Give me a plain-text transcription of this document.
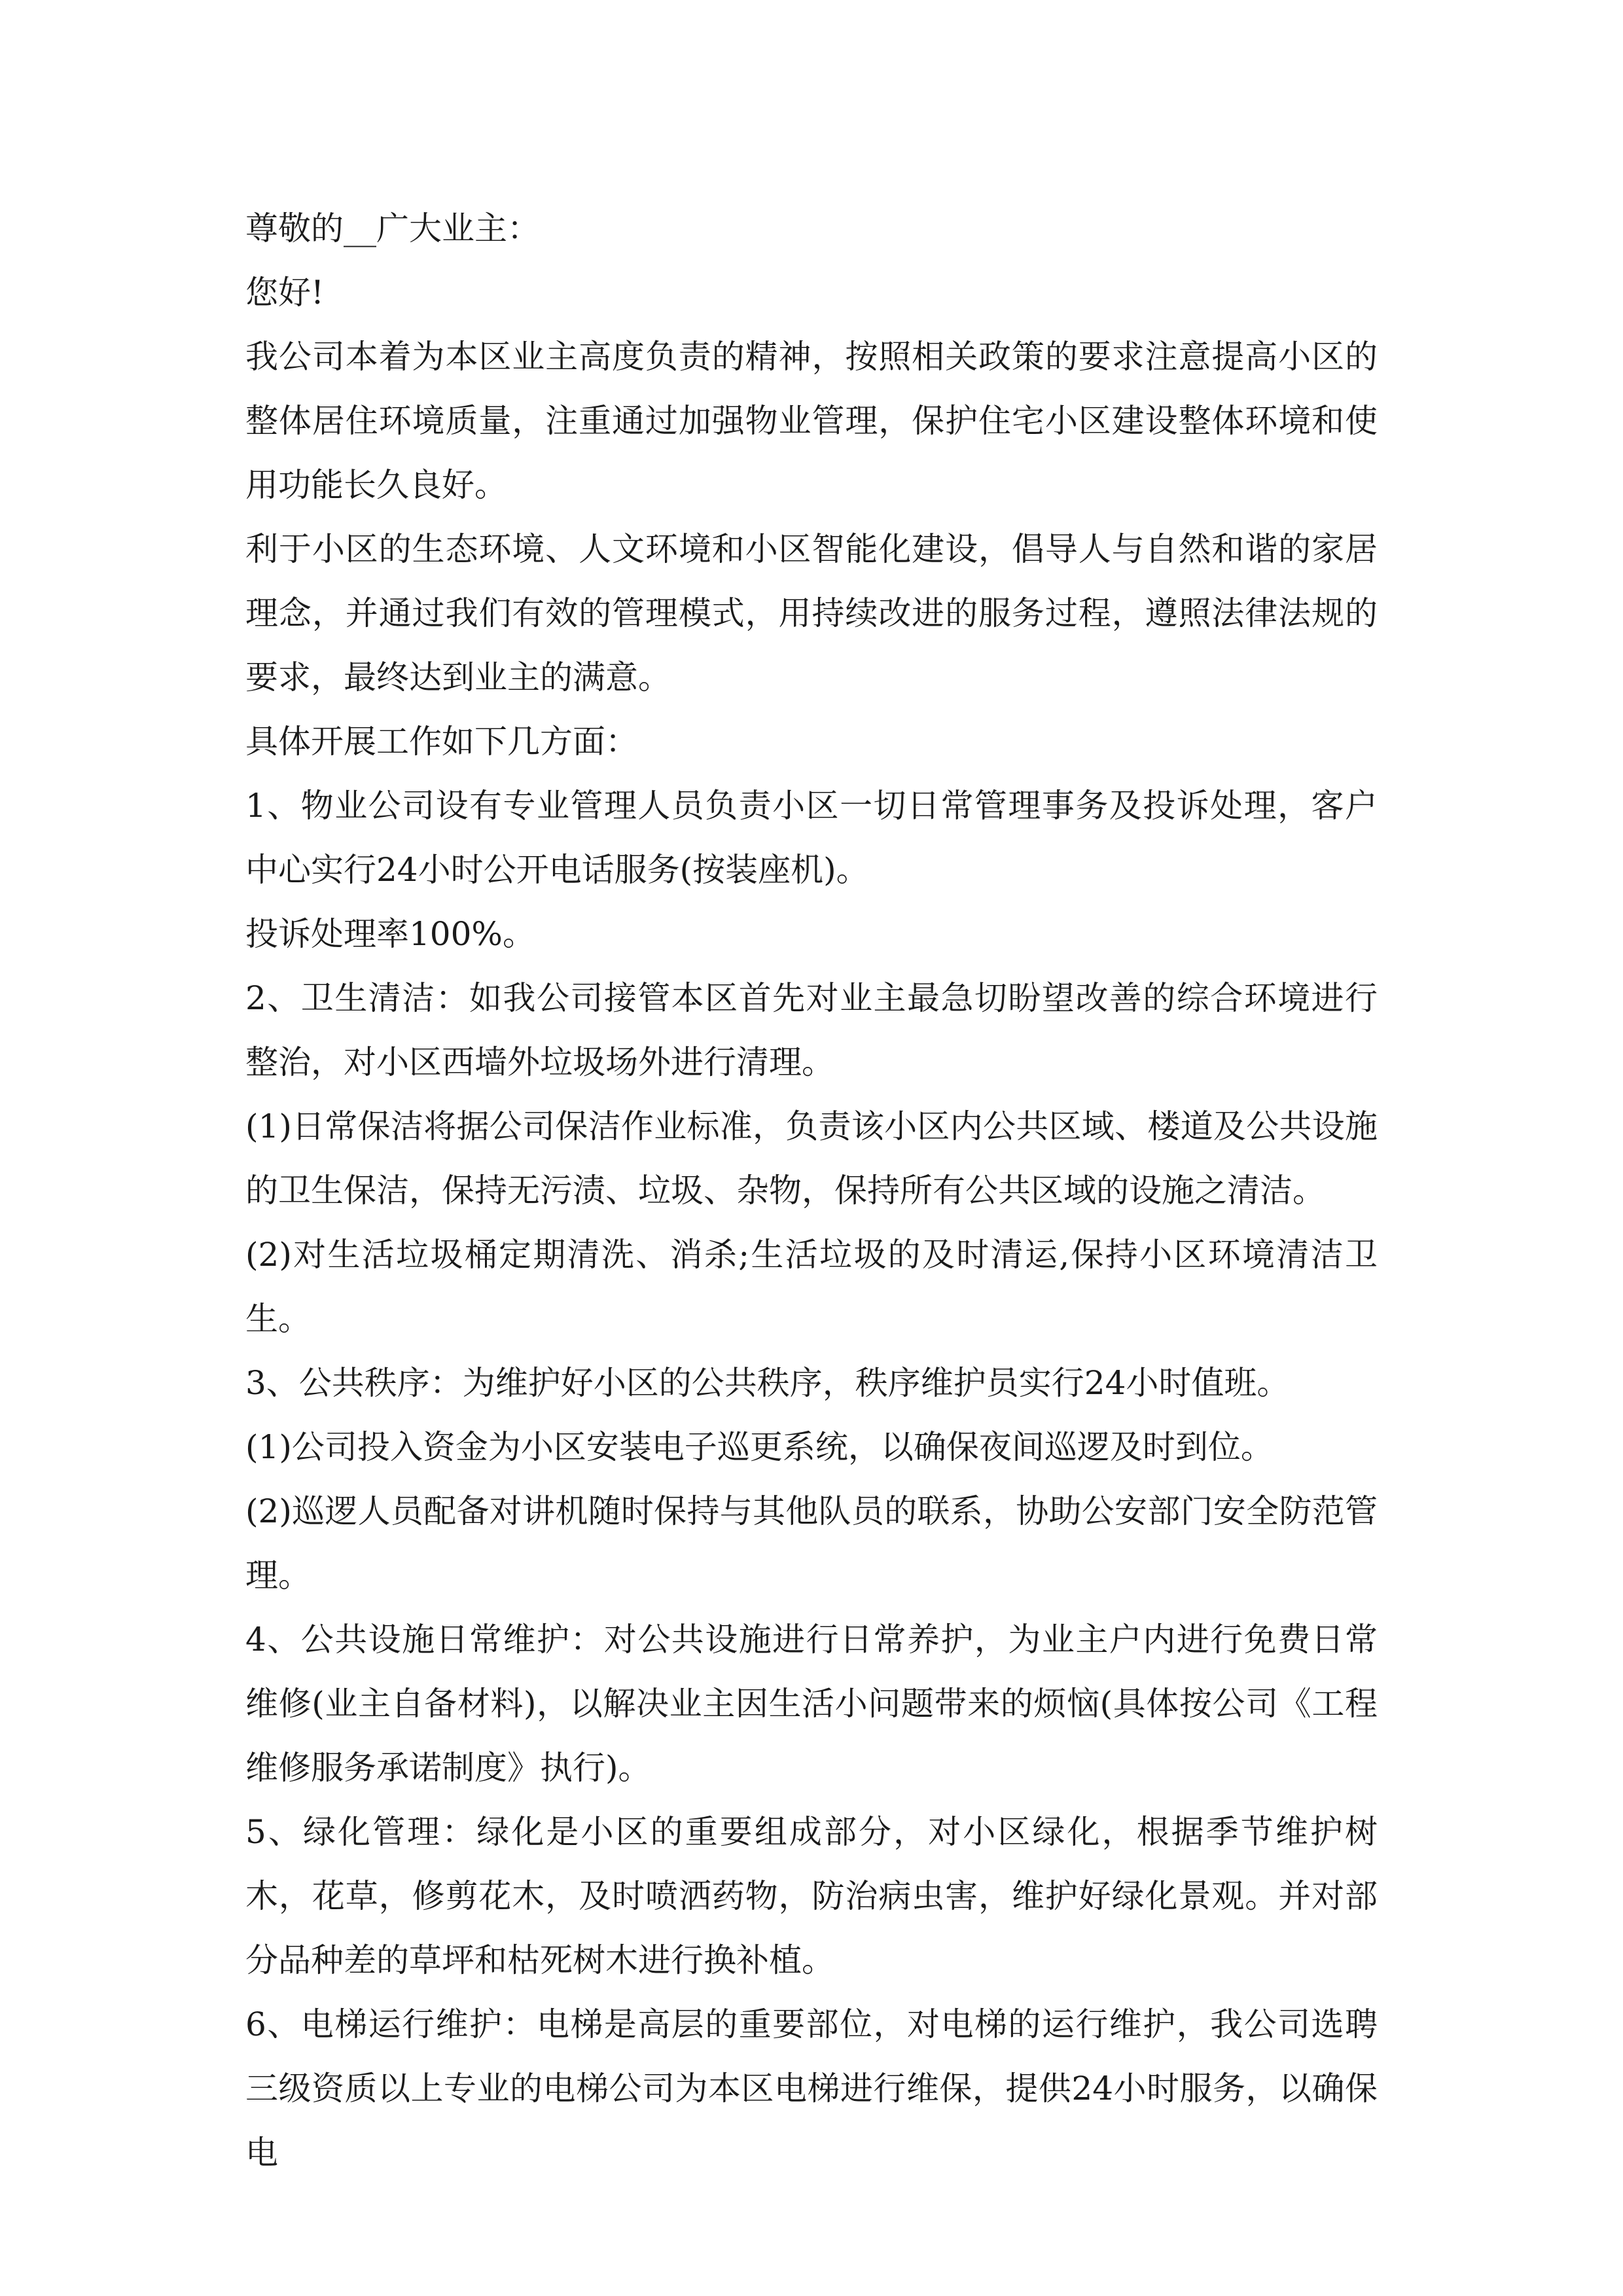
尊敬的__广大业主：

您好!

我公司本着为本区业主高度负责的精神，按照相关政策的要求注意提高小区的整体居住环境质量，注重通过加强物业管理，保护住宅小区建设整体环境和使用功能长久良好。

利于小区的生态环境、人文环境和小区智能化建设，倡导人与自然和谐的家居理念，并通过我们有效的管理模式，用持续改进的服务过程，遵照法律法规的要求，最终达到业主的满意。

具体开展工作如下几方面：

1、物业公司设有专业管理人员负责小区一切日常管理事务及投诉处理，客户中心实行24小时公开电话服务(按装座机)。

投诉处理率100%。

2、卫生清洁：如我公司接管本区首先对业主最急切盼望改善的综合环境进行整治，对小区西墙外垃圾场外进行清理。

(1)日常保洁将据公司保洁作业标准，负责该小区内公共区域、楼道及公共设施的卫生保洁，保持无污渍、垃圾、杂物，保持所有公共区域的设施之清洁。

(2)对生活垃圾桶定期清洗、消杀;生活垃圾的及时清运,保持小区环境清洁卫生。

3、公共秩序：为维护好小区的公共秩序，秩序维护员实行24小时值班。

(1)公司投入资金为小区安装电子巡更系统，以确保夜间巡逻及时到位。

(2)巡逻人员配备对讲机随时保持与其他队员的联系，协助公安部门安全防范管理。

4、公共设施日常维护：对公共设施进行日常养护，为业主户内进行免费日常维修(业主自备材料)，以解决业主因生活小问题带来的烦恼(具体按公司《工程维修服务承诺制度》执行)。

5、绿化管理：绿化是小区的重要组成部分，对小区绿化，根据季节维护树木，花草，修剪花木，及时喷洒药物，防治病虫害，维护好绿化景观。并对部分品种差的草坪和枯死树木进行换补植。

6、电梯运行维护：电梯是高层的重要部位，对电梯的运行维护，我公司选聘三级资质以上专业的电梯公司为本区电梯进行维保，提供24小时服务，以确保电
